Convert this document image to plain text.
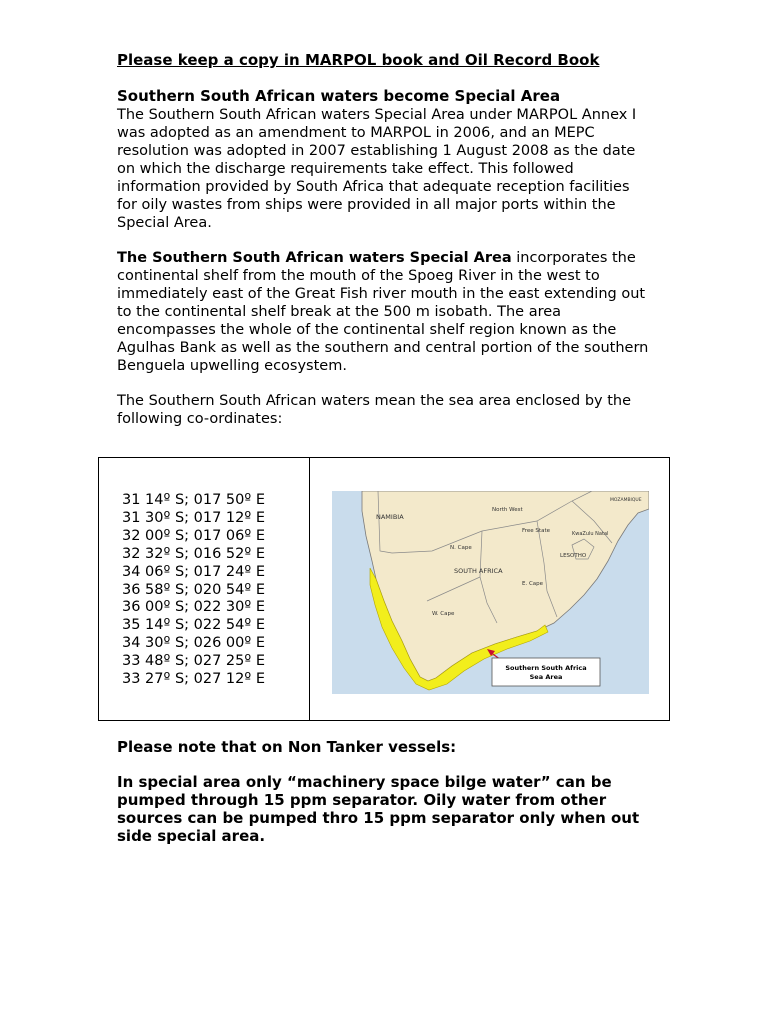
Please keep a copy in MARPOL book and Oil Record Book
Southern South African waters become Special Area

The Southern South African waters Special Area under MARPOL Annex I was adopted as an amendment to MARPOL in 2006, and an MEPC resolution was adopted in 2007 establishing 1 August 2008 as the date on which the discharge requirements take effect. This followed information provided by South Africa that adequate reception facilities for oily wastes from ships were provided in all major ports within the Special Area.

The Southern South African waters Special Area incorporates the continental shelf from the mouth of the Spoeg River in the west to immediately east of the Great Fish river mouth in the east extending out to the continental shelf break at the 500 m isobath. The area encompasses the whole of the continental shelf region known as the Agulhas Bank as well as the southern and central portion of the southern Benguela upwelling ecosystem.

The Southern South African waters mean the sea area enclosed by the following co-ordinates:

31 14º S; 017 50º E
31 30º S; 017 12º E
32 00º S; 017 06º E
32 32º S; 016 52º E
34 06º S; 017 24º E
36 58º S; 020 54º E
36 00º S; 022 30º E
35 14º S; 022 54º E
34 30º S; 026 00º E
33 48º S; 027 25º E
33 27º S; 027 12º E
NAMIBIA
North West
MOZAMBIQUE
Free State	KwaZulu Natal
N. Cape
LESOTHO
SOUTH AFRICA
E. Cape
W. Cape
Southern South Africa Sea Area
Please note that on Non Tanker vessels:

In special area only “machinery space bilge water” can be pumped through 15 ppm separator. Oily water from other sources can be pumped thro 15 ppm separator only when out side special area.
